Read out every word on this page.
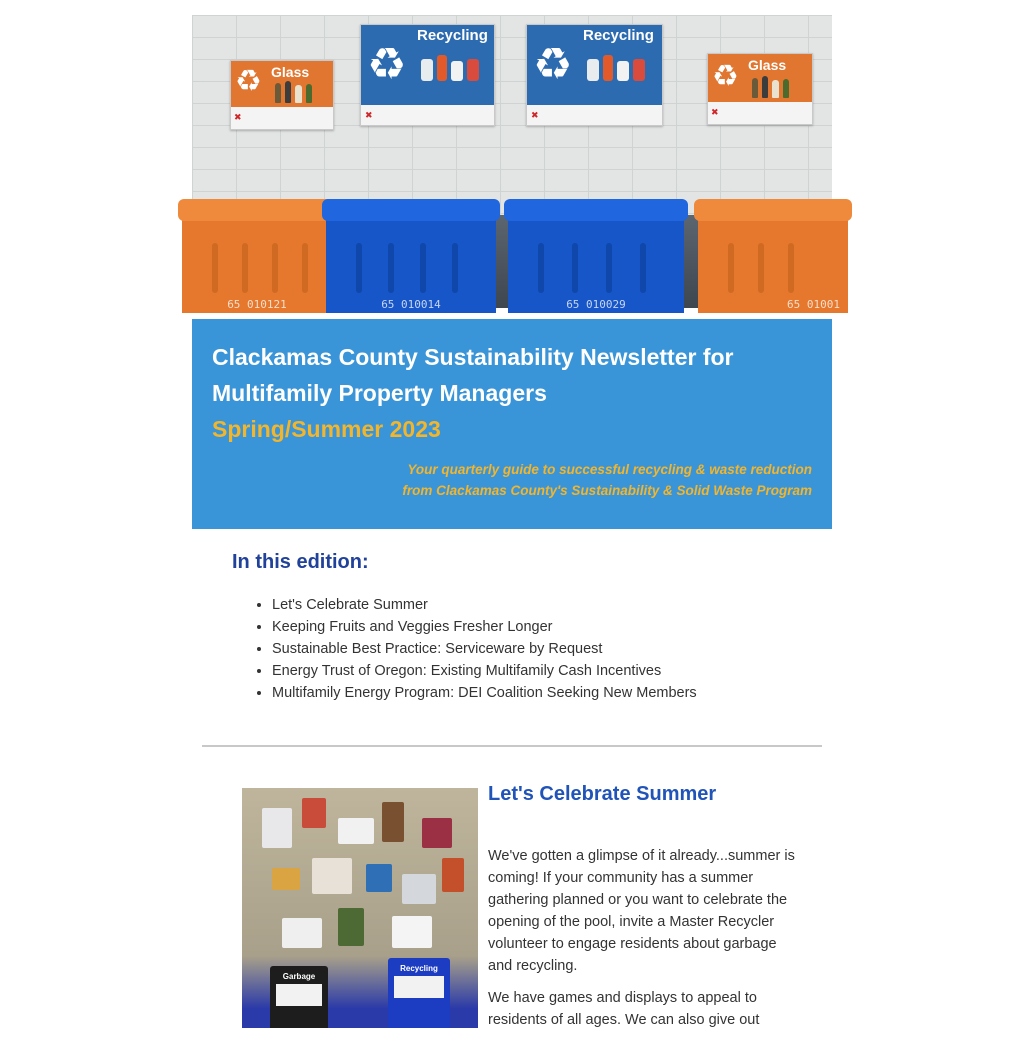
♻ Glass
✖
♻
Recycling
✖
♻
Recycling
✖
♻ Glass
✖
65 010121	65 010014	65 010029	65 01001
Clackamas County Sustainability Newsletter for Multifamily Property Managers
Spring/Summer 2023
Your quarterly guide to successful recycling & waste reduction
from Clackamas County's Sustainability & Solid Waste Program
In this edition:
• Let's Celebrate Summer
• Keeping Fruits and Veggies Fresher Longer
• Sustainable Best Practice: Serviceware by Request
• Energy Trust of Oregon: Existing Multifamily Cash Incentives
• Multifamily Energy Program: DEI Coalition Seeking New Members
Garbage
Recycling
Let's Celebrate Summer

We've gotten a glimpse of it already...summer is coming! If your community has a summer gathering planned or you want to celebrate the opening of the pool, invite a Master Recycler volunteer to engage residents about garbage and recycling.

We have games and displays to appeal to residents of all ages. We can also give out
